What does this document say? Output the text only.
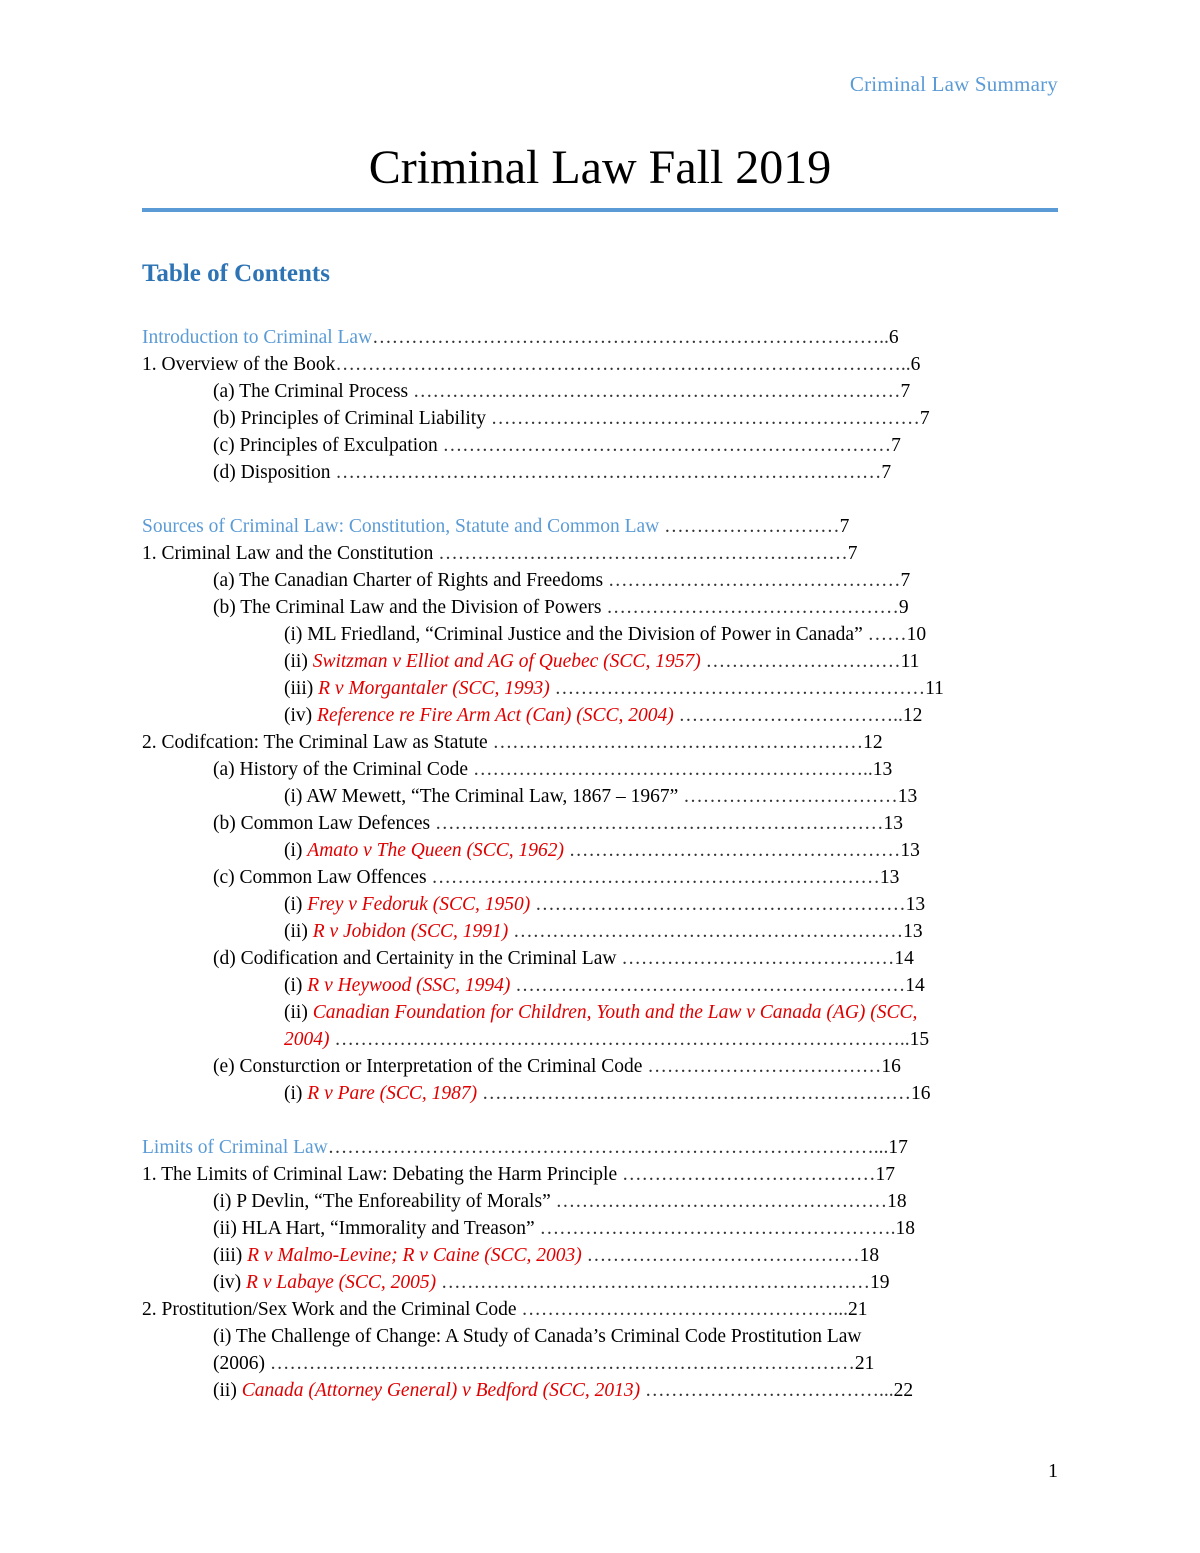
Criminal Law Summary
Criminal Law Fall 2019
Table of Contents
Introduction to Criminal Law……………………………………………………………………..6
1. Overview of the Book……………………………………………………………………………..6
(a) The Criminal Process …………………………………………………………………7
(b) Principles of Criminal Liability …………………………………………………………7
(c) Principles of Exculpation ……………………………………………………………7
(d) Disposition …………………………………………………………………………7
Sources of Criminal Law: Constitution, Statute and Common Law ………………………7
1. Criminal Law and the Constitution ………………………………………………………7
(a) The Canadian Charter of Rights and Freedoms ………………………………………7
(b) The Criminal Law and the Division of Powers ………………………………………9
(i) ML Friedland, “Criminal Justice and the Division of Power in Canada” ……10
(ii) Switzman v Elliot and AG of Quebec (SCC, 1957) …………………………11
(iii) R v Morgantaler (SCC, 1993) …………………………………………………11
(iv) Reference re Fire Arm Act (Can) (SCC, 2004) ……………………………..12
2. Codifcation: The Criminal Law as Statute …………………………………………………12
(a) History of the Criminal Code ……………………………………………………..13
(i) AW Mewett, “The Criminal Law, 1867 – 1967” ……………………………13
(b) Common Law Defences ……………………………………………………………13
(i) Amato v The Queen (SCC, 1962) ……………………………………………13
(c) Common Law Offences ……………………………………………………………13
(i) Frey v Fedoruk (SCC, 1950) …………………………………………………13
(ii) R v Jobidon (SCC, 1991) ……………………………………………………13
(d) Codification and Certainity in the Criminal Law ……………………………………14
(i) R v Heywood (SSC, 1994) ……………………………………………………14
(ii) Canadian Foundation for Children, Youth and the Law v Canada (AG) (SCC,
2004) ……………………………………………………………………………..15
(e) Consturction or Interpretation of the Criminal Code ………………………………16
(i) R v Pare (SCC, 1987) …………………………………………………………16
Limits of Criminal Law…………………………………………………………………………...17
1. The Limits of Criminal Law: Debating the Harm Principle …………………………………17
(i) P Devlin, “The Enforeability of Morals” ……………………………………………18
(ii) HLA Hart, “Immorality and Treason” ……………………………………………….18
(iii) R v Malmo-Levine; R v Caine (SCC, 2003) ……………………………………18
(iv) R v Labaye (SCC, 2005) …………………………………………………………19
2. Prostitution/Sex Work and the Criminal Code …………………………………………...21
(i) The Challenge of Change: A Study of Canada’s Criminal Code Prostitution Law
(2006) ………………………………………………………………………………21
(ii) Canada (Attorney General) v Bedford (SCC, 2013) ………………………………...22
1
